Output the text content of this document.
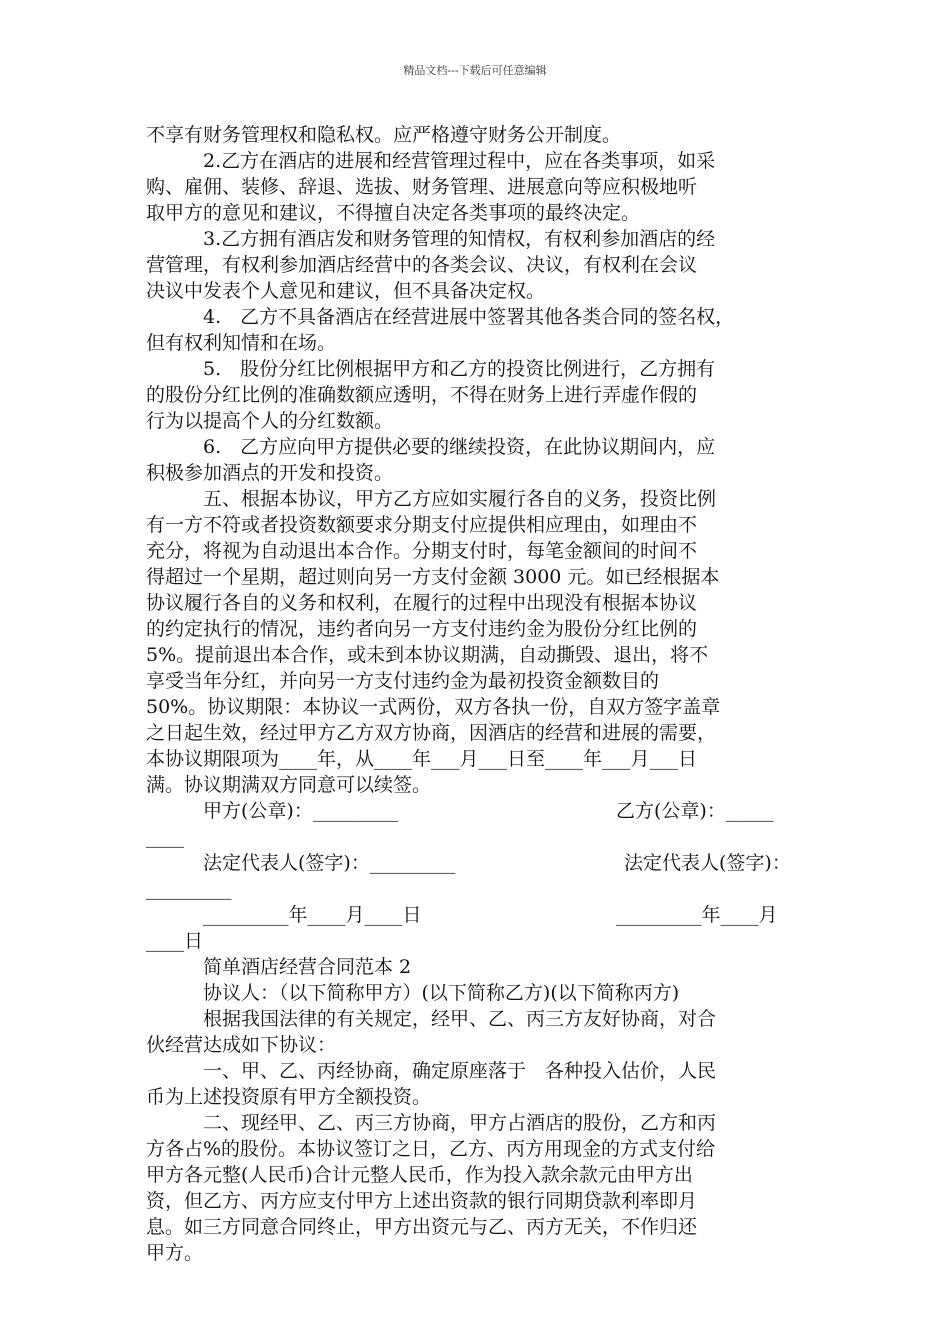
精品文档---下载后可任意编辑
不享有财务管理权和隐私权。应严格遵守财务公开制度。
　　　2.乙方在酒店的进展和经营管理过程中，应在各类事项，如采
购、雇佣、装修、辞退、选拔、财务管理、进展意向等应积极地听
取甲方的意见和建议，不得擅自决定各类事项的最终决定。
　　　3.乙方拥有酒店发和财务管理的知情权，有权利参加酒店的经
营管理，有权利参加酒店经营中的各类会议、决议，有权利在会议
决议中发表个人意见和建议，但不具备决定权。
　　　4.　乙方不具备酒店在经营进展中签署其他各类合同的签名权，
但有权利知情和在场。
　　　5.　股份分红比例根据甲方和乙方的投资比例进行，乙方拥有
的股份分红比例的准确数额应透明，不得在财务上进行弄虚作假的
行为以提高个人的分红数额。
　　　6.　乙方应向甲方提供必要的继续投资，在此协议期间内，应
积极参加酒点的开发和投资。
　　　五、根据本协议，甲方乙方应如实履行各自的义务，投资比例
有一方不符或者投资数额要求分期支付应提供相应理由，如理由不
充分，将视为自动退出本合作。分期支付时，每笔金额间的时间不
得超过一个星期，超过则向另一方支付金额 3000 元。如已经根据本
协议履行各自的义务和权利，在履行的过程中出现没有根据本协议
的约定执行的情况，违约者向另一方支付违约金为股份分红比例的
5%。提前退出本合作，或未到本协议期满，自动撕毁、退出，将不
享受当年分红，并向另一方支付违约金为最初投资金额数目的
50%。协议期限：本协议一式两份，双方各执一份，自双方签字盖章
之日起生效，经过甲方乙方双方协商，因酒店的经营和进展的需要，
本协议期限项为____年，从____年___月___日至____年___月___日
满。协议期满双方同意可以续签。
　　　甲方(公章)：_________	乙方(公章)：_____
____
　　　法定代表人(签字)：_________	法定代表人(签字)：
_________
　　　_________年____月____日	_________年____月
____日
　　　简单酒店经营合同范本 2
　　　协议人：（以下简称甲方）(以下简称乙方)(以下简称丙方)
　　　根据我国法律的有关规定，经甲、乙、丙三方友好协商，对合
伙经营达成如下协议：
　　　一、甲、乙、丙经协商，确定原座落于　各种投入估价，人民
币为上述投资原有甲方全额投资。
　　　二、现经甲、乙、丙三方协商，甲方占酒店的股份，乙方和丙
方各占%的股份。本协议签订之日，乙方、丙方用现金的方式支付给
甲方各元整(人民币)合计元整人民币，作为投入款余款元由甲方出
资，但乙方、丙方应支付甲方上述出资款的银行同期贷款利率即月
息。如三方同意合同终止，甲方出资元与乙、丙方无关，不作归还
甲方。
